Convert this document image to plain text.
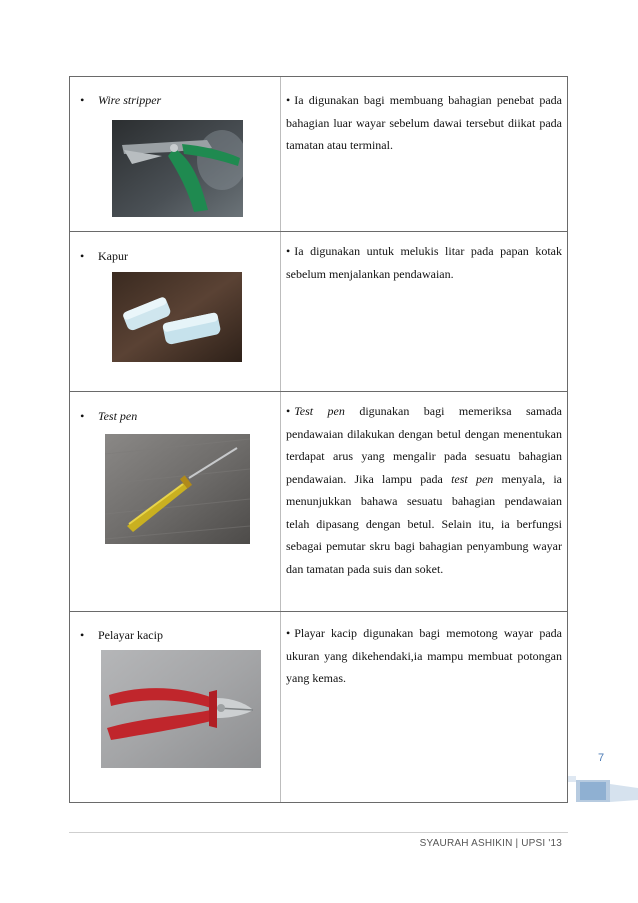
• Wire stripper	• Ia digunakan bagi membuang bahagian penebat pada bahagian luar wayar sebelum dawai tersebut diikat pada tamatan atau terminal.
• Kapur	• Ia digunakan untuk melukis litar pada papan kotak sebelum menjalankan pendawaian.
• Test pen	• Test pen digunakan bagi memeriksa samada pendawaian dilakukan dengan betul dengan menentukan terdapat arus yang mengalir pada sesuatu bahagian pendawaian. Jika lampu pada test pen menyala, ia menunjukkan bahawa sesuatu bahagian pendawaian telah dipasang dengan betul. Selain itu, ia berfungsi sebagai pemutar skru bagi bahagian penyambung wayar dan tamatan pada suis dan soket.
• Pelayar kacip	• Playar kacip digunakan bagi memotong wayar pada ukuran yang dikehendaki,ia mampu membuat potongan yang kemas.
7
SYAURAH ASHIKIN | UPSI '13
